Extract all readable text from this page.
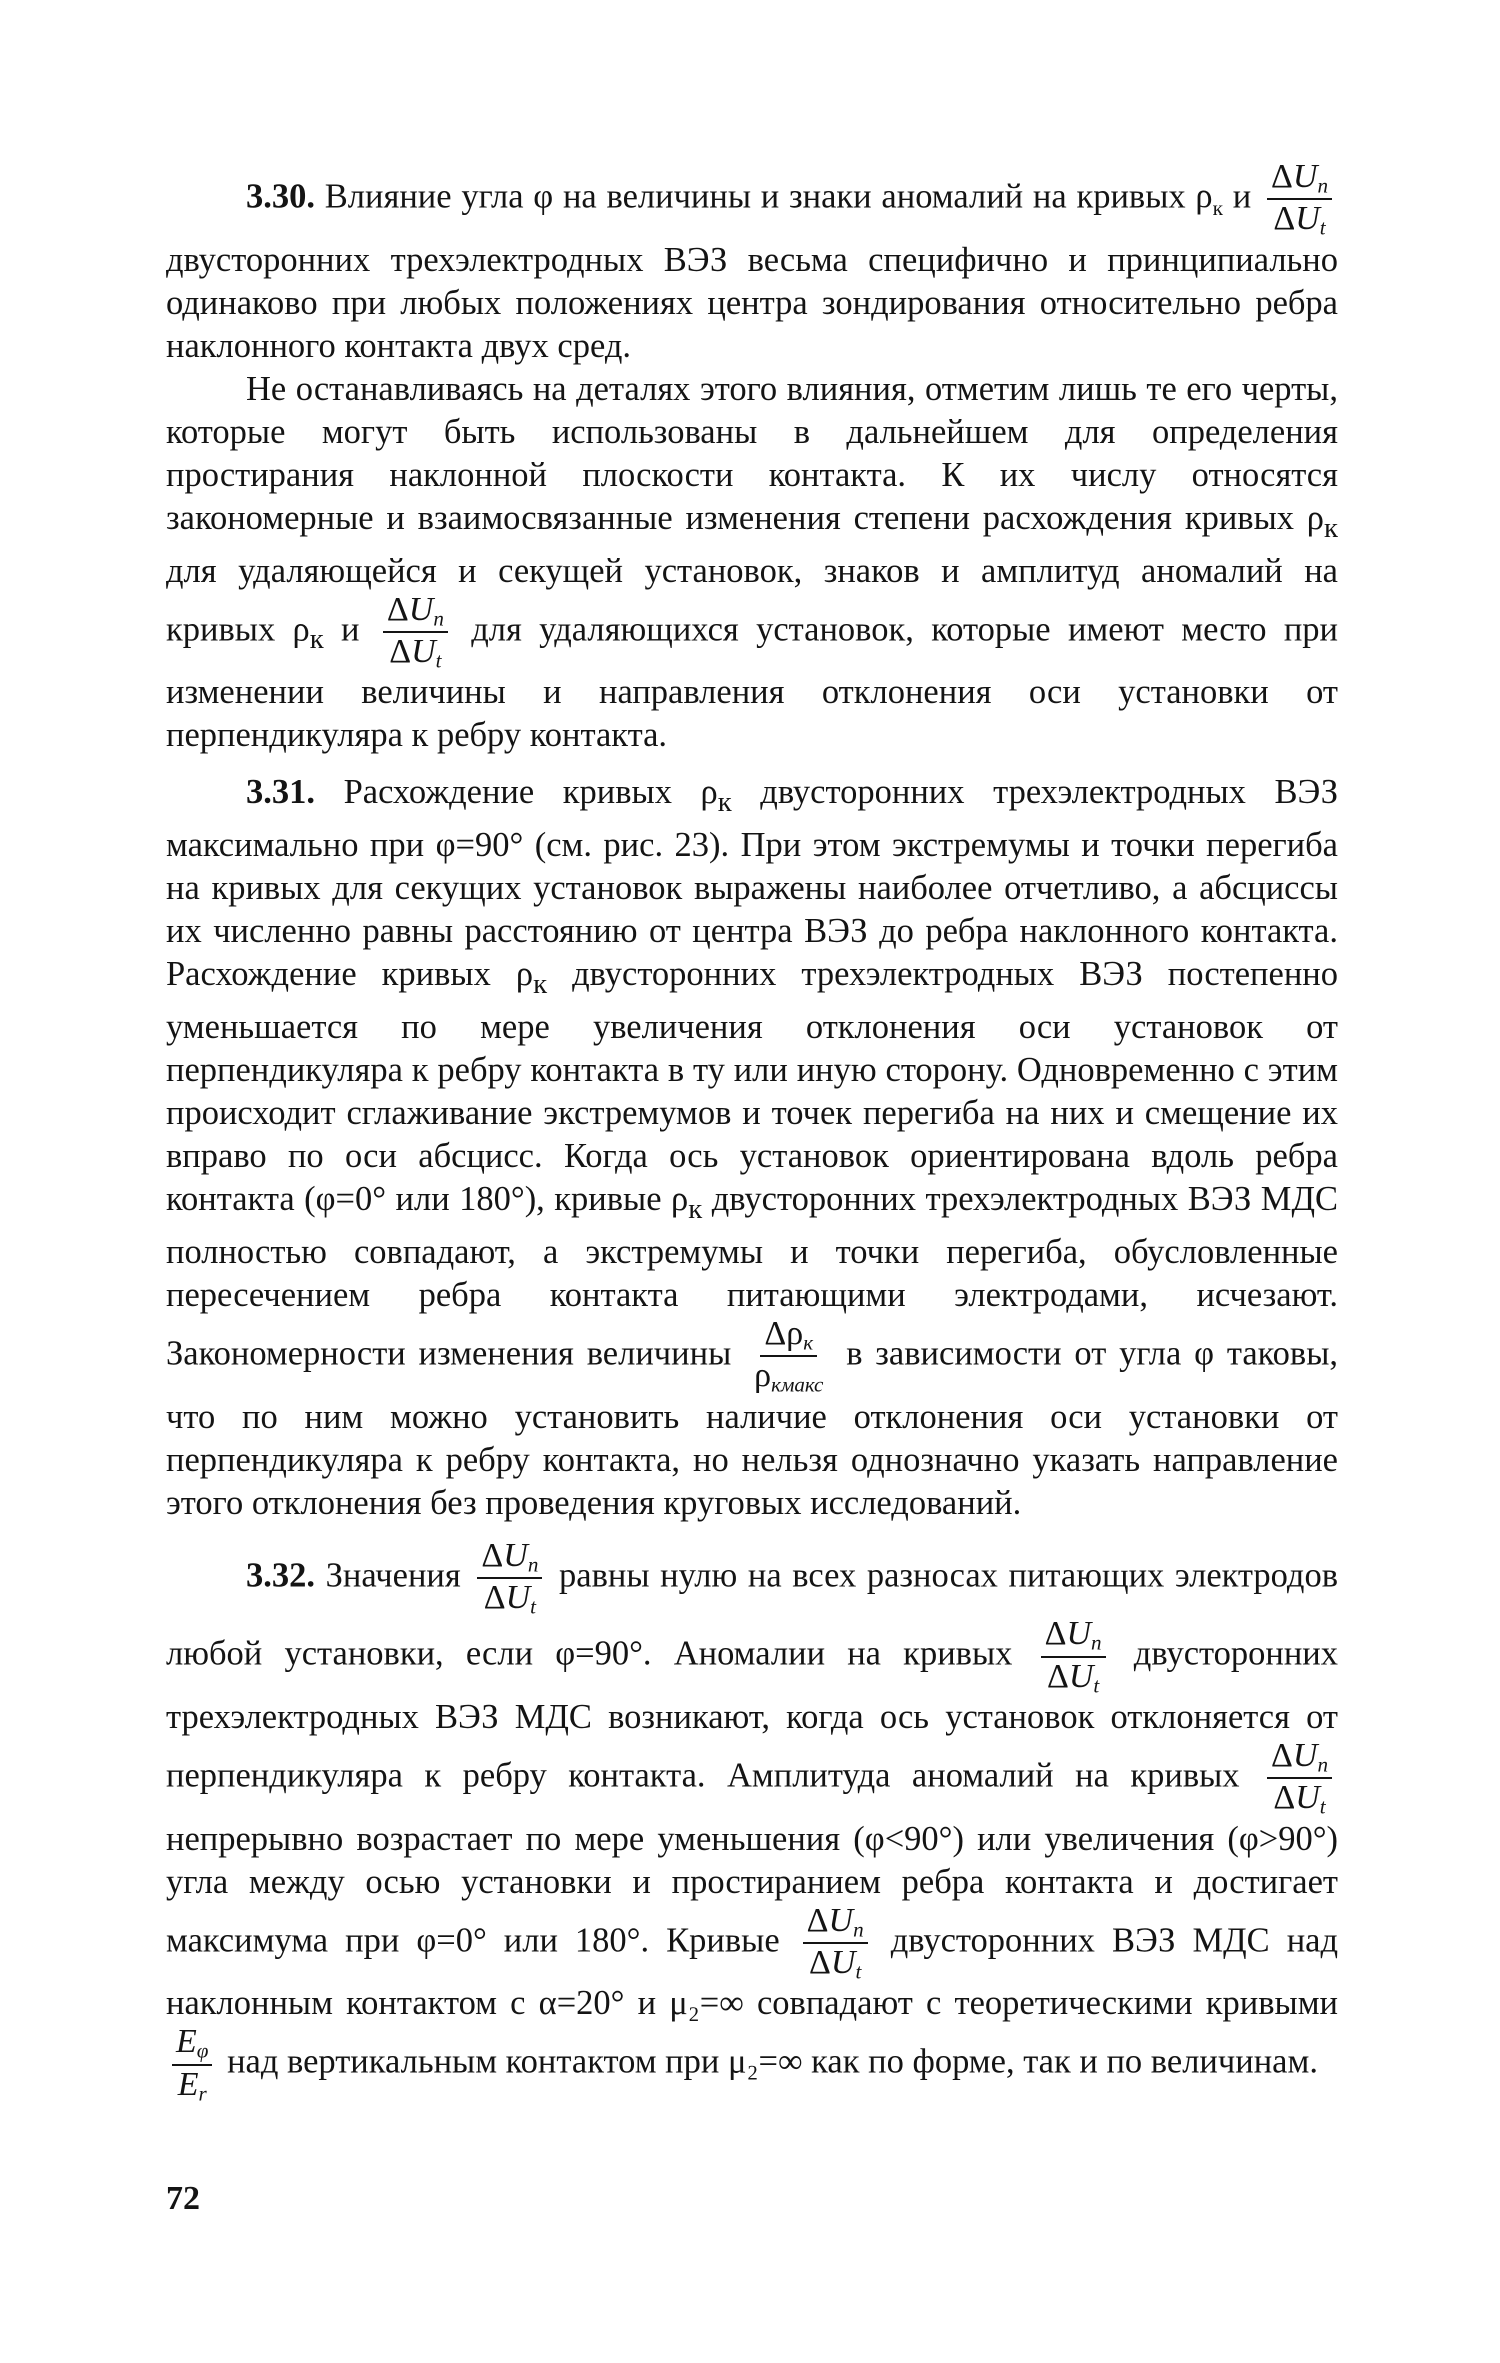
3.30. Влияние угла φ на величины и знаки аномалий на кривых $\rho_к$ и $\frac{\Delta U_n}{\Delta U_t}$
двусторонних трехэлектродных ВЭЗ весьма специфично и принципиально одинаково при любых положениях центра зондирования относительно ребра наклонного контакта двух сред.

Не останавливаясь на деталях этого влияния, отметим лишь те его черты, которые могут быть использованы в дальнейшем для определения простирания наклонной плоскости контакта. К их числу относятся закономерные и взаимосвязанные изменения степени расхождения кривых $\rho_к$ для удаляющейся и секущей установок, знаков и амплитуд аномалий на кривых $\rho_к$ и $\frac{\Delta U_n}{\Delta U_t}$ для удаляющихся установок, которые имеют место при изменении величины и направления отклонения оси установки от перпендикуляра к ребру контакта.

3.31. Расхождение кривых $\rho_к$ двусторонних трехэлектродных ВЭЗ максимально при φ=90° (см. рис. 23). При этом экстремумы и точки перегиба на кривых для секущих установок выражены наиболее отчетливо, а абсциссы их численно равны расстоянию от центра ВЭЗ до ребра наклонного контакта. Расхождение кривых $\rho_к$ двусторонних трехэлектродных ВЭЗ постепенно уменьшается по мере увеличения отклонения оси установок от перпендикуляра к ребру контакта в ту или иную сторону. Одновременно с этим происходит сглаживание экстремумов и точек перегиба на них и смещение их вправо по оси абсцисс. Когда ось установок ориентирована вдоль ребра контакта (φ=0° или 180°), кривые $\rho_к$ двусторонних трехэлектродных ВЭЗ МДС полностью совпадают, а экстремумы и точки перегиба, обусловленные пересечением ребра контакта питающими электродами, исчезают. Закономерности изменения величины $\frac{\Delta\rho_к}{\rho_{кмакс}}$ в зависимости от угла φ таковы, что по ним можно установить наличие отклонения оси установки от перпендикуляра к ребру контакта, но нельзя однозначно указать направление этого отклонения без проведения круговых исследований.

3.32. Значения $\frac{\Delta U_n}{\Delta U_t}$ равны нулю на всех разносах питающих электродов любой установки, если φ=90°. Аномалии на кривых $\frac{\Delta U_n}{\Delta U_t}$ двусторонних трехэлектродных ВЭЗ МДС возникают, когда ось установок отклоняется от перпендикуляра к ребру контакта. Амплитуда аномалий на кривых $\frac{\Delta U_n}{\Delta U_t}$
непрерывно возрастает по мере уменьшения (φ<90°) или увеличения (φ>90°) угла между осью установки и простиранием ребра контакта и достигает максимума при φ=0° или 180°. Кривые $\frac{\Delta U_n}{\Delta U_t}$ двусторонних ВЭЗ МДС над наклонным контактом с α=20° и μ₂=∞ совпадают с теоретическими кривыми
$\frac{E_\varphi}{E_r}$ над вертикальным контактом при μ₂=∞ как по форме, так и по величинам.

72
